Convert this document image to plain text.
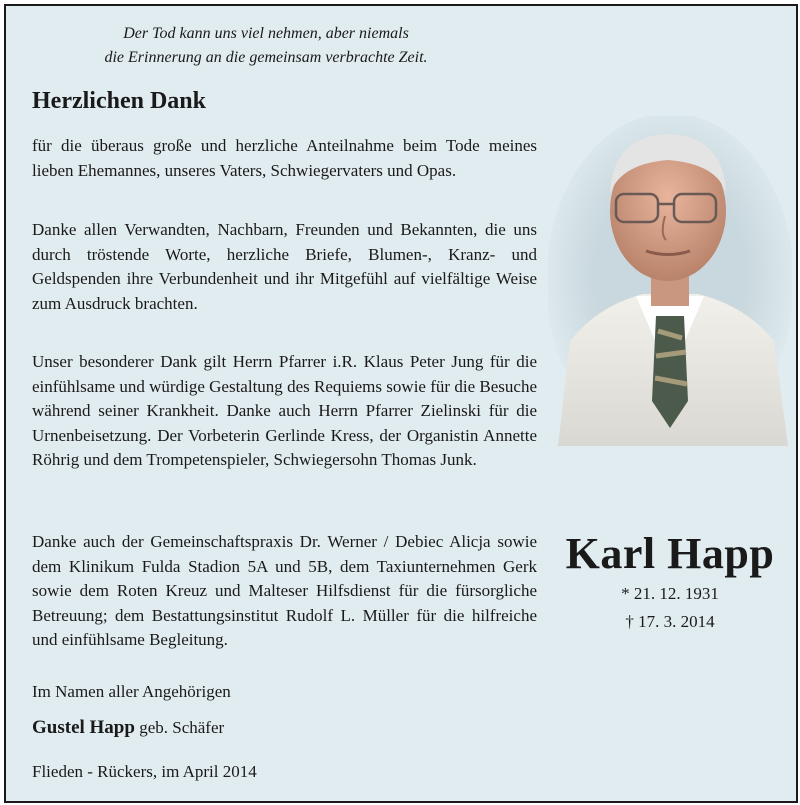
Der Tod kann uns viel nehmen, aber niemals
die Erinnerung an die gemeinsam verbrachte Zeit.
Herzlichen Dank

für die überaus große und herzliche Anteilnahme beim Tode meines lieben Ehemannes, unseres Vaters, Schwiegervaters und Opas.

Danke allen Verwandten, Nachbarn, Freunden und Bekannten, die uns durch tröstende Worte, herzliche Briefe, Blumen-, Kranz- und Geldspenden ihre Verbundenheit und ihr Mitgefühl auf vielfältige Weise zum Ausdruck brachten.

Unser besonderer Dank gilt Herrn Pfarrer i.R. Klaus Peter Jung für die einfühlsame und würdige Gestaltung des Requiems sowie für die Besuche während seiner Krankheit. Danke auch Herrn Pfarrer Zielinski für die Urnenbeisetzung. Der Vorbeterin Gerlinde Kress, der Organistin Annette Röhrig und dem Trompetenspieler, Schwiegersohn Thomas Junk.

Danke auch der Gemeinschaftspraxis Dr. Werner / Debiec Alicja sowie dem Klinikum Fulda Stadion 5A und 5B, dem Taxiunternehmen Gerk sowie dem Roten Kreuz und Malteser Hilfsdienst für die fürsorgliche Betreuung; dem Bestattungsinstitut Rudolf L. Müller für die hilfreiche und einfühlsame Begleitung.

Im Namen aller Angehörigen
Gustel Happ geb. Schäfer
Flieden - Rückers, im April 2014
Karl Happ
* 21. 12. 1931
† 17. 3. 2014
